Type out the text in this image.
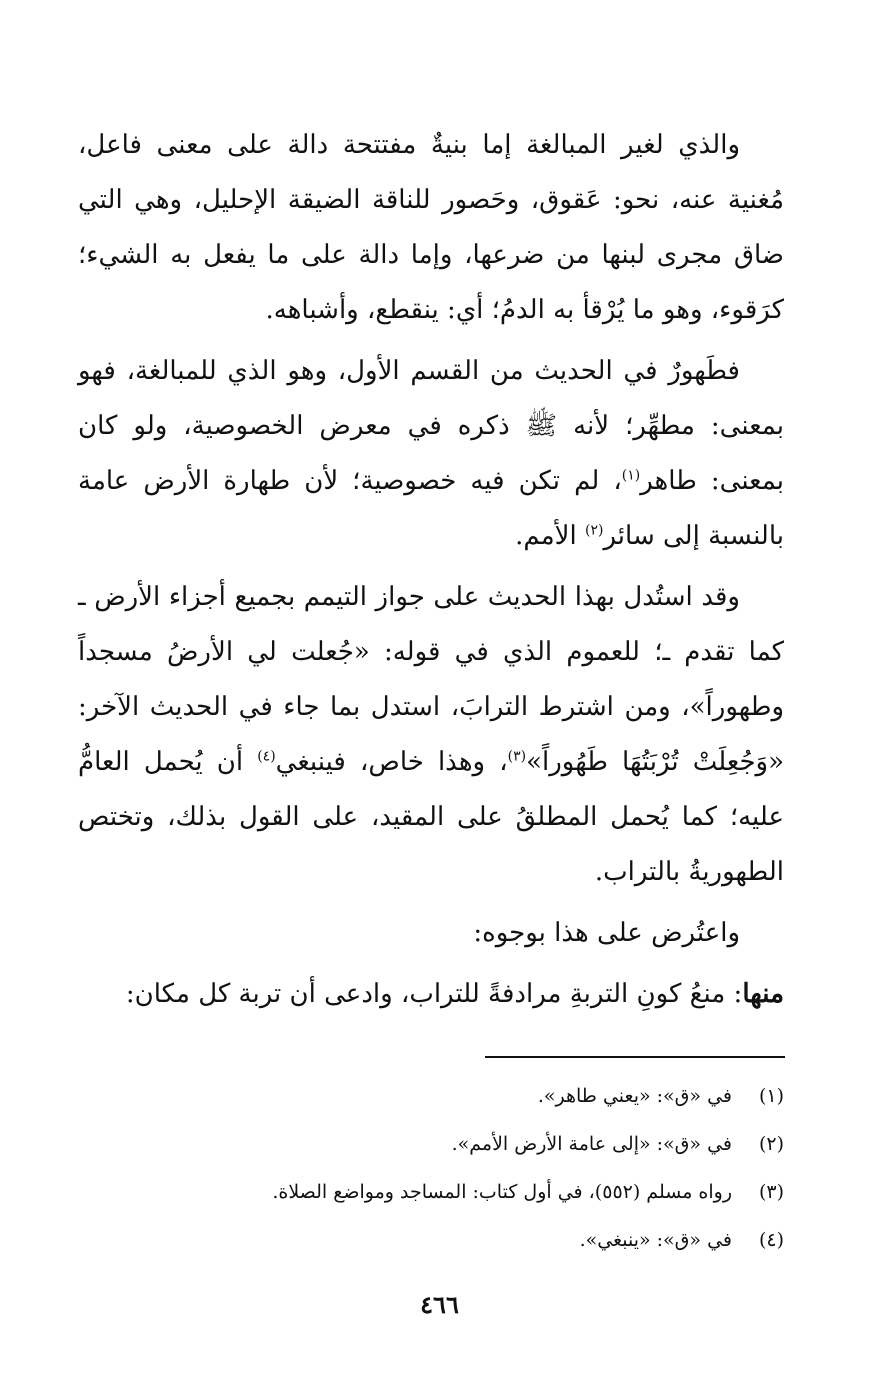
والذي لغير المبالغة إما بنيةٌ مفتتحة دالة على معنى فاعل، مُغنية عنه، نحو: عَقوق، وحَصور للناقة الضيقة الإحليل، وهي التي ضاق مجرى لبنها من ضرعها، وإما دالة على ما يفعل به الشيء؛ كرَقوء، وهو ما يُرْقأ به الدمُ؛ أي: ينقطع، وأشباهه.

فطَهورٌ في الحديث من القسم الأول، وهو الذي للمبالغة، فهو بمعنى: مطهِّر؛ لأنه ﷺ ذكره في معرض الخصوصية، ولو كان بمعنى: طاهر$^{(١)}$، لم تكن فيه خصوصية؛ لأن طهارة الأرض عامة بالنسبة إلى سائر$^{(٢)}$ الأمم.

وقد استُدل بهذا الحديث على جواز التيمم بجميع أجزاء الأرض ـ كما تقدم ـ؛ للعموم الذي في قوله: «جُعلت لي الأرضُ مسجداً وطهوراً»، ومن اشترط الترابَ، استدل بما جاء في الحديث الآخر: «وَجُعِلَتْ تُرْبَتُهَا طَهُوراً»$^{(٣)}$، وهذا خاص، فينبغي$^{(٤)}$ أن يُحمل العامُّ عليه؛ كما يُحمل المطلقُ على المقيد، على القول بذلك، وتختص الطهوريةُ بالتراب.

واعتُرض على هذا بوجوه:

منها: منعُ كونِ التربةِ مرادفةً للتراب، وادعى أن تربة كل مكان:

(١)في «ق»: «يعني طاهر».
(٢)في «ق»: «إلى عامة الأرض الأمم».
(٣)رواه مسلم (٥٥٢)، في أول كتاب: المساجد ومواضع الصلاة.
(٤)في «ق»: «ينبغي».
٤٦٦
